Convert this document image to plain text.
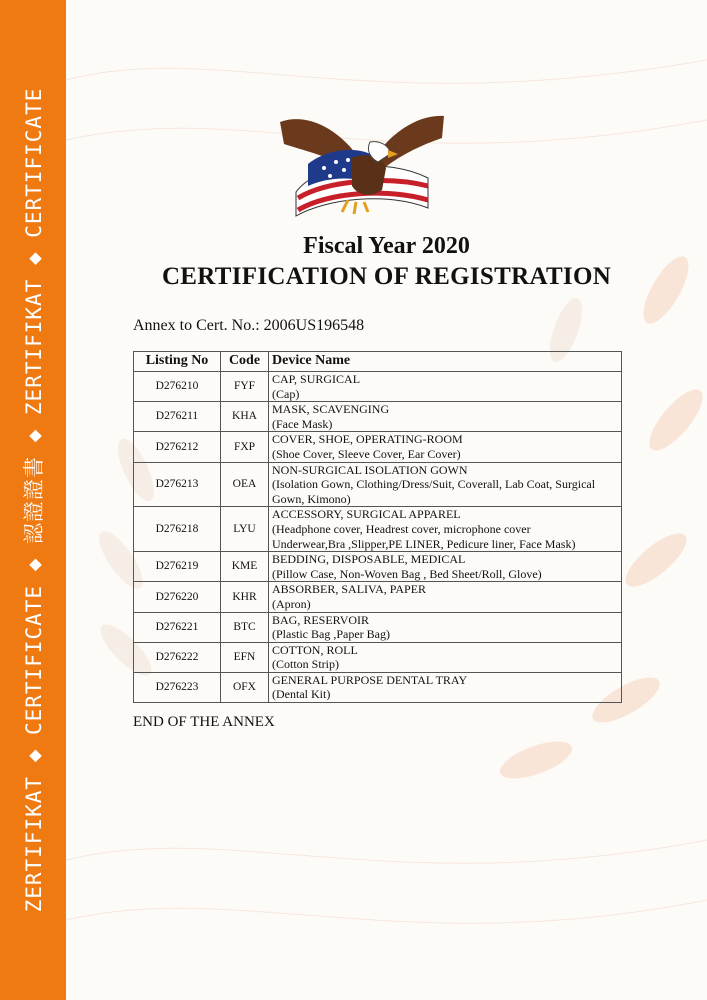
ZERTIFIKAT ◆ CERTIFICATE ◆ 認證證書 ◆ ZERTIFIKAT ◆ CERTIFICATE	Fiscal Year 2020
CERTIFICATION OF REGISTRATION
Annex to Cert. No.: 2006US196548
Listing No	Code	Device Name
D276210	FYF	CAP, SURGICAL
(Cap)

D276211	KHA	MASK, SCAVENGING
(Face Mask)

D276212	FXP	COVER, SHOE, OPERATING-ROOM
(Shoe Cover, Sleeve Cover, Ear Cover)

D276213	OEA	NON-SURGICAL ISOLATION GOWN
(Isolation Gown, Clothing/Dress/Suit, Coverall, Lab Coat, Surgical
Gown, Kimono)

D276218	LYU	ACCESSORY, SURGICAL APPAREL
(Headphone cover, Headrest cover, microphone cover
Underwear,Bra ,Slipper,PE LINER, Pedicure liner, Face Mask)

D276219	KME	BEDDING, DISPOSABLE, MEDICAL
(Pillow Case, Non-Woven Bag , Bed Sheet/Roll, Glove)

D276220	KHR	ABSORBER, SALIVA, PAPER
(Apron)

D276221	BTC	BAG, RESERVOIR
(Plastic Bag ,Paper Bag)

D276222	EFN	COTTON, ROLL
(Cotton Strip)

D276223	OFX	GENERAL PURPOSE DENTAL TRAY
(Dental Kit)
END OF THE ANNEX
